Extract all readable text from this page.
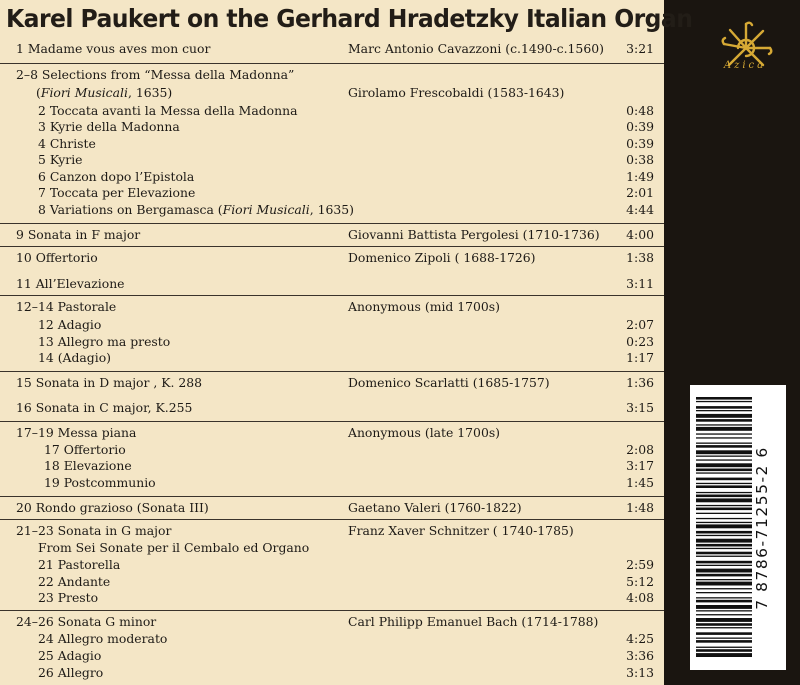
Karel Paukert on the Gerhard Hradetzky Italian Organ
1 Madame vous aves mon cuor	Marc Antonio Cavazzoni (c.1490-c.1560) 3:21
2–8 Selections from “Messa della Madonna”
(Fiori Musicali, 1635)	Girolamo Frescobaldi (1583-1643)
2 Toccata avanti la Messa della Madonna	0:48
3 Kyrie della Madonna	0:39
4 Christe	0:39
5 Kyrie	0:38
6 Canzon dopo l’Epistola	1:49
7 Toccata per Elevazione	2:01
8 Variations on Bergamasca (Fiori Musicali, 1635)	4:44
9 Sonata in F major	Giovanni Battista Pergolesi (1710-1736) 4:00
10 Offertorio	Domenico Zipoli ( 1688-1726)	1:38
11 All’Elevazione	3:11
12–14 Pastorale	Anonymous (mid 1700s)
12 Adagio	2:07
13 Allegro ma presto	0:23
14 (Adagio)	1:17
15 Sonata in D major , K. 288	Domenico Scarlatti (1685-1757)	1:36
16 Sonata in C major, K.255	3:15
17–19 Messa piana	Anonymous (late 1700s)
17 Offertorio	2:08
18 Elevazione	3:17
19 Postcommunio	1:45
20 Rondo grazioso (Sonata III)	Gaetano Valeri (1760-1822)	1:48
21–23 Sonata in G major	Franz Xaver Schnitzer ( 1740-1785)
From Sei Sonate per il Cembalo ed Organo
21 Pastorella	2:59
22 Andante	5:12
23 Presto	4:08
24–26 Sonata G minor	Carl Philipp Emanuel Bach (1714-1788)
24 Allegro moderato	4:25
25 Adagio	3:36
26 Allegro	3:13
Azica
7 8786-71255-2 6
